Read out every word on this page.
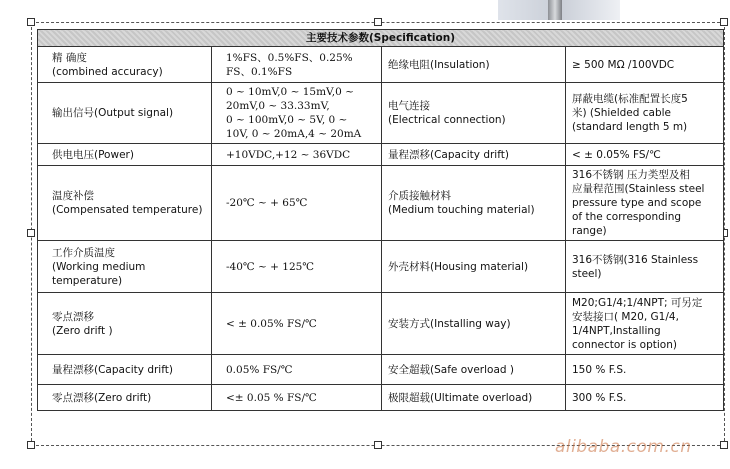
主要技术参数(Specification)			

精 确度
(combined accuracy)	1%FS、0.5%FS、0.25%
FS、0.1%FS	绝缘电阻(Insulation)	≥ 500 MΩ /100VDC

输出信号(Output signal)	0 ~ 10mV,0 ~ 15mV,0 ~
20mV,0 ~ 33.33mV,
0 ~ 100mV,0 ~ 5V, 0 ~
10V, 0 ~ 20mA,4 ~ 20mA	电气连接
(Electrical connection)	屏蔽电缆(标准配置长度5
米) (Shielded cable
(standard length 5 m)

供电电压(Power)	+10VDC,+12 ~ 36VDC	量程漂移(Capacity drift)	< ± 0.05% FS/℃

温度补偿
(Compensated temperature)	-20℃ ~ + 65℃	介质接触材料
(Medium touching material)	316不锈钢 压力类型及相
应量程范围(Stainless steel
pressure type and scope
of the corresponding
range)

工作介质温度
(Working medium
temperature)	-40℃ ~ + 125℃	外壳材料(Housing material)	316不锈钢(316 Stainless
steel)

零点漂移
(Zero drift )	< ± 0.05% FS/℃	安装方式(Installing way)	M20;G1/4;1/4NPT; 可另定
安装接口( M20, G1/4,
1/4NPT,Installing
connector is option)

量程漂移(Capacity drift)	0.05% FS/℃	安全超载(Safe overload )	150 % F.S.

零点漂移(Zero drift)	<± 0.05 % FS/℃	极限超载(Ultimate overload)	300 % F.S.
alibaba.com.cn
